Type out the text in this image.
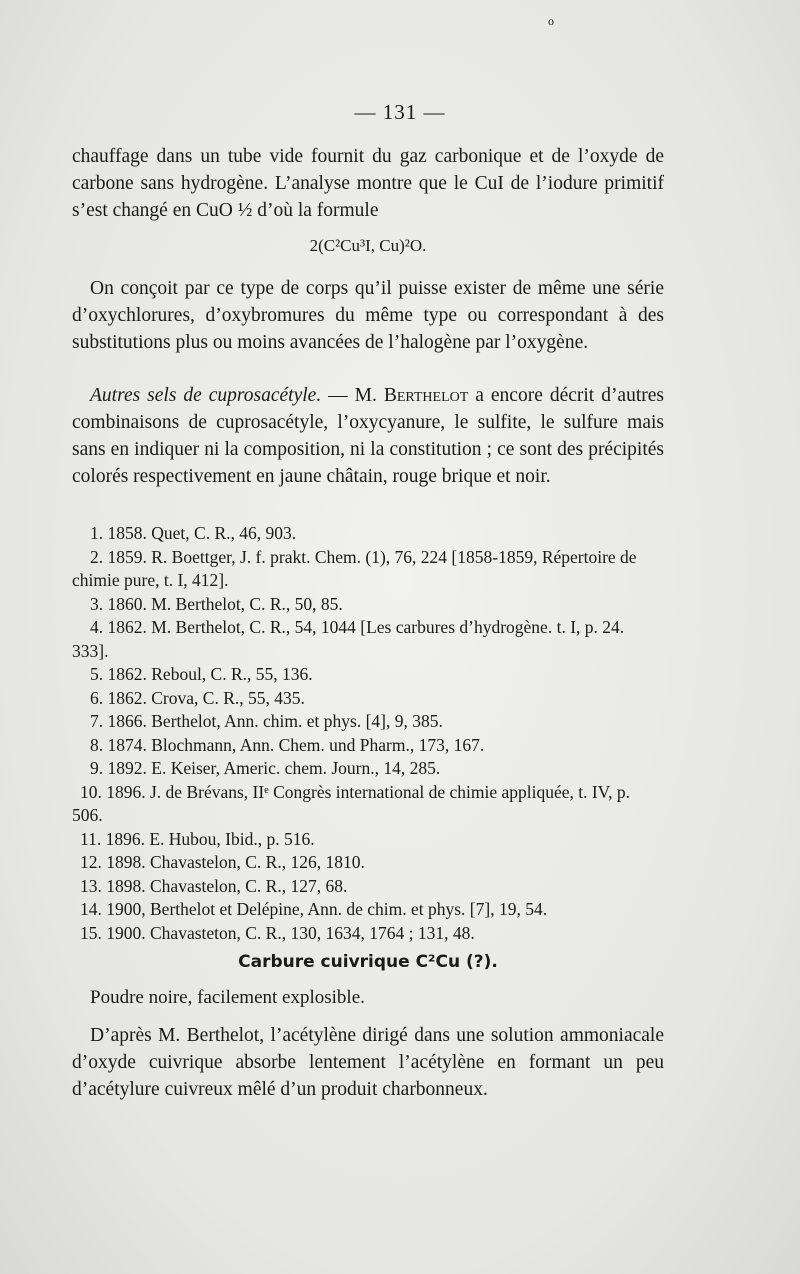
o
— 131 —
chauffage dans un tube vide fournit du gaz carbonique et de l’oxyde de carbone sans hydrogène. L’analyse montre que le CuI de l’iodure primitif s’est changé en CuO ½ d’où la formule
2(C²Cu³I, Cu)²O.
On conçoit par ce type de corps qu’il puisse exister de même une série d’oxychlorures, d’oxybromures du même type ou correspondant à des substitutions plus ou moins avancées de l’halogène par l’oxygène.
Autres sels de cuprosacétyle. — M. Berthelot a encore décrit d’autres combinaisons de cuprosacétyle, l’oxycyanure, le sulfite, le sulfure mais sans en indiquer ni la composition, ni la constitution ; ce sont des précipités colorés respectivement en jaune châtain, rouge brique et noir.
1. 1858. Quet, C. R., 46, 903.
2. 1859. R. Boettger, J. f. prakt. Chem. (1), 76, 224 [1858-1859, Répertoire de chimie pure, t. I, 412].
3. 1860. M. Berthelot, C. R., 50, 85.
4. 1862. M. Berthelot, C. R., 54, 1044 [Les carbures d’hydrogène. t. I, p. 24. 333].
5. 1862. Reboul, C. R., 55, 136.
6. 1862. Crova, C. R., 55, 435.
7. 1866. Berthelot, Ann. chim. et phys. [4], 9, 385.
8. 1874. Blochmann, Ann. Chem. und Pharm., 173, 167.
9. 1892. E. Keiser, Americ. chem. Journ., 14, 285.
10. 1896. J. de Brévans, IIᵉ Congrès international de chimie appliquée, t. IV, p. 506.
11. 1896. E. Hubou, Ibid., p. 516.
12. 1898. Chavastelon, C. R., 126, 1810.
13. 1898. Chavastelon, C. R., 127, 68.
14. 1900, Berthelot et Delépine, Ann. de chim. et phys. [7], 19, 54.
15. 1900. Chavasteton, C. R., 130, 1634, 1764 ; 131, 48.
Carbure cuivrique C²Cu (?).
Poudre noire, facilement explosible.
D’après M. Berthelot, l’acétylène dirigé dans une solution ammoniacale d’oxyde cuivrique absorbe lentement l’acétylène en formant un peu d’acétylure cuivreux mêlé d’un produit charbonneux.
